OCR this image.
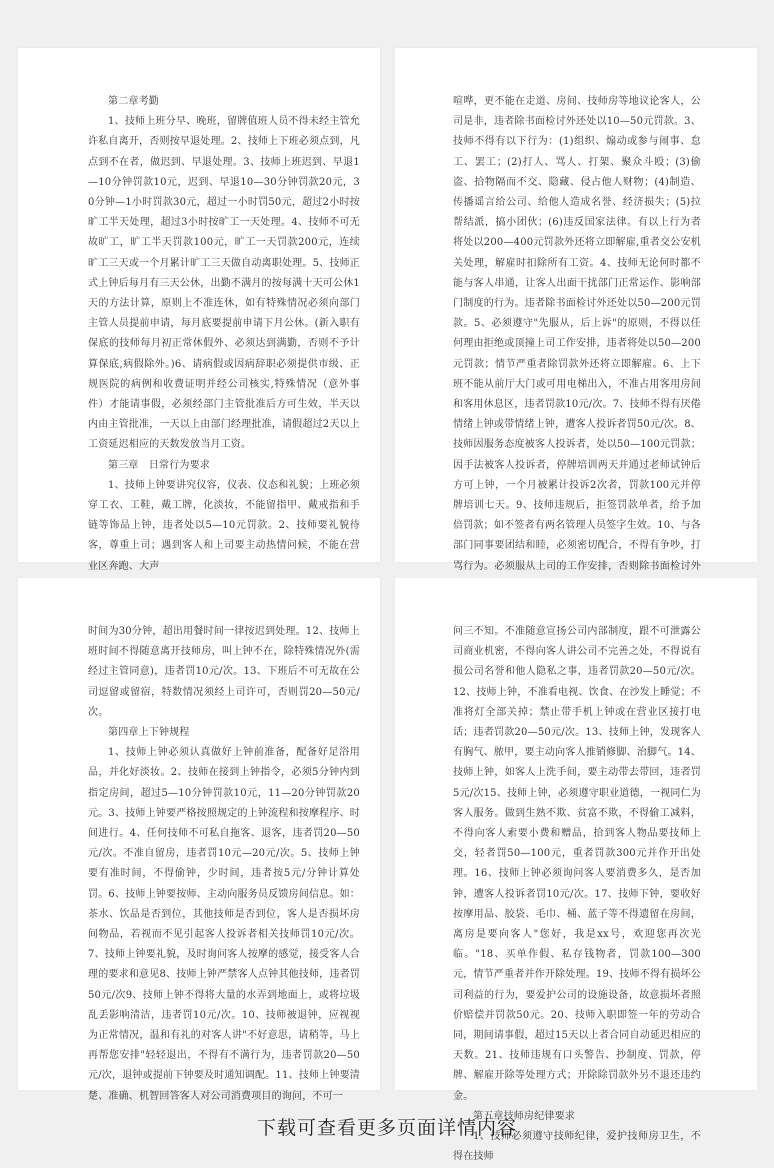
第二章考勤

1、技师上班分早、晚班，留牌值班人员不得未经主管允许私自离开，否则按早退处理。2、技师上下班必须点到，凡点到不在者，做迟到、早退处理。3、技师上班迟到、早退1—10分钟罚款10元，迟到、早退10—30分钟罚款20元，30分钟—1小时罚款30元，超过一小时罚50元，超过2小时按旷工半天处理，超过3小时按旷工一天处理。4、技师不可无故旷工，旷工半天罚款100元，旷工一天罚款200元，连续旷工三天或一个月累计旷工三天做自动离职处理。5、技师正式上钟后每月有三天公休，出勤不满月的按每满十天可公休1天的方法计算，原则上不准连休，如有特殊情况必须向部门主管人员提前申请，每月底要提前申请下月公休。(新入职有保底的技师每月初正常休假外、必须达到满勤，否则不予计算保底,病假除外。)6、请病假或因病辞职必须提供市级、正规医院的病例和收费证明并经公司核实,特殊情况（意外事件）才能请事假，必须经部门主管批准后方可生效，半天以内由主管批准，一天以上由部门经理批准，请假超过2天以上工资延迟相应的天数发放当月工资。

第三章　日常行为要求

1、技师上钟要讲究仪容，仪表、仪态和礼貌；上班必须穿工衣、工鞋，戴工牌，化淡妆，不能留指甲、戴戒指和手链等饰品上钟，违者处以5—10元罚款。2、技师要礼貌待客，尊重上司；遇到客人和上司要主动热情问候，不能在营业区奔跑、大声

喧哗，更不能在走道、房间、技师房等地议论客人，公司是非，违者除书面检讨外还处以10—50元罚款。3、技师不得有以下行为：(1)组织、煽动或参与闹事、怠工、罢工；(2)打人、骂人、打架、聚众斗殴；(3)偷盗、拾物隔而不交、隐藏、侵占他人财物；(4)制造、传播谣言给公司、给他人造成名誉、经济损失；(5)拉帮结派，搞小团伙；(6)违反国家法律。有以上行为者将处以200—400元罚款外还将立即解雇,重者交公安机关处理，解雇时扣除所有工资。4、技师无论何时都不能与客人串通，让客人出面干扰部门正常运作、影响部门制度的行为。违者除书面检讨外还处以50—200元罚款。5、必须遵守"先服从，后上诉"的原则，不得以任何理由拒绝或顶撞上司工作安排，违者将处以50—200元罚款；情节严重者除罚款外还将立即解雇。6、上下班不能从前厅大门或可用电梯出入，不准占用客用房间和客用休息区，违者罚款10元/次。7、技师不得有厌倦情绪上钟或带情绪上钟，遭客人投诉者罚50元/次。8、技师因服务态度被客人投诉者，处以50—100元罚款；因手法被客人投诉者，停牌培训两天并通过老师试钟后方可上钟，一个月被累计投诉2次者，罚款100元并停牌培训七天。9、技师违规后，拒签罚款单者，给予加倍罚款；如不签者有两名管理人员签字生效。10、与各部门同事要团结和睦，必须密切配合，不得有争吵，打骂行为。必须服从上司的工作安排，否则除书面检讨外

时间为30分钟，超出用餐时间一律按迟到处理。12、技师上班时间不得随意离开技师房，叫上钟不在，除特殊情况外(需经过主管同意)，违者罚10元/次。13、下班后不可无故在公司逗留或留宿，特数情况须经上司许可，否则罚20—50元/次。

第四章上下钟规程

1、技师上钟必须认真做好上钟前准备，配备好足浴用品，并化好淡妆。2、技师在接到上钟指令，必须5分钟内到指定房间，超过5—10分钟罚款10元，11—20分钟罚款20元。3、技师上钟要严格按照规定的上钟流程和按摩程序、时间进行。4、任何技师不可私自拖客、退客，违者罚20—50元/次。不准自留房，违者罚10元—20元/次。5、技师上钟要有准时间，不得偷钟，少时间，违者按5元/分钟计算处罚。6、技师上钟要按师、主动向服务员反馈房间信息。如：茶水、饮品是否到位，其他技师是否到位，客人是否损坏房间物品，若视而不见引起客人投诉者相关技师罚10元/次。7、技师上钟要礼貌，及时询问客人按摩的感觉，接受客人合理的要求和意见8、技师上钟严禁客人点钟其他技师，违者罚50元/次9、技师上钟不得将大量的水弄到地面上，或将垃圾乱丢影响清洁，违者罚10元/次。10、技师被退钟，应视视为正常情况，温和有礼的对客人讲"不好意思，请稍等，马上再帮您安排"轻轻退出，不得有不满行为，违者罚款20—50元/次，退钟或提前下钟要及时通知调配。11、技师上钟要清楚、准确、机智回答客人对公司消费项目的询问，不可一

问三不知。不准随意宣扬公司内部制度，跟不可泄露公司商业机密，不得向客人讲公司不完善之处，不得说有损公司名誉和他人隐私之事，违者罚款20—50元/次。12、技师上钟，不准看电视、饮食、在沙发上睡觉；不准将灯全部关掉；禁止带手机上钟或在营业区接打电话；违者罚款20—50元/次。13、技师上钟，发现客人有胸气、脓甲，要主动向客人推销修脚、治脚气。14、技师上钟，如客人上洗手间，要主动带去带回，违者罚5元/次15、技师上钟，必须遵守职业道德，一视同仁为客人服务。做到生熟不欺、贫富不欺，不得偷工减料，不得向客人索要小费和赠品，拾到客人物品要技师上交，轻者罚50—100元，重者罚款300元并作开出处理。16、技师上钟必须询问客人要消费多久，是否加钟，遭客人投诉者罚10元/次。17、技师下钟，要收好按摩用品、胶袋、毛巾、桶、蓝子等不得遗留在房间，离房是要向客人"您好，我是xx号，欢迎您再次光临。"18、买单作假、私存钱物者，罚款100—300元，情节严重者并作开除处理。19、技师不得有损坏公司利益的行为，要爱护公司的设施设备，故意损坏者照价赔偿并罚款50元。20、技师入职即签一年的劳动合同，期间请事假，超过15天以上者合同自动延迟相应的天数。21、技师违规有口头警告、抄制度、罚款，停牌、解雇开除等处理方式；开除除罚款外另不退还违约金。

第五章技师房纪律要求

1、技师必须遵守技师纪律，爱护技师房卫生，不得在技师

下载可查看更多页面详情内容
